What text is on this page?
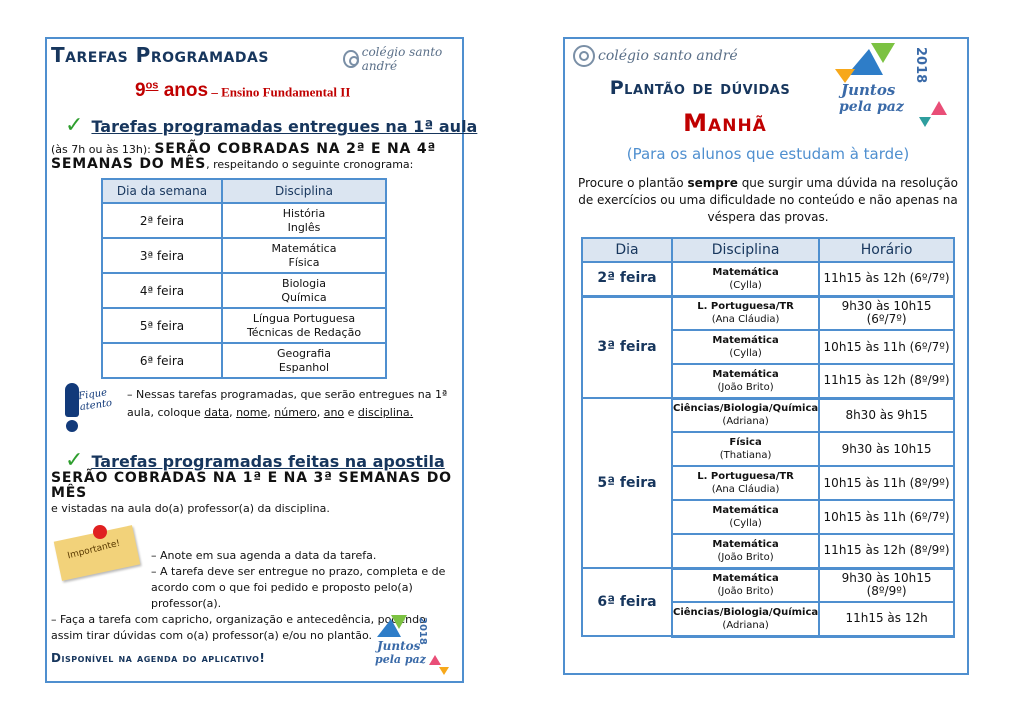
Tarefas Programadas	colégio santo andré
$9^{os}$ anos – Ensino Fundamental II
✓ Tarefas programadas entregues na 1ª aula
(às 7h ou às 13h): SERÃO COBRADAS NA 2ª E NA 4ª SEMANAS DO MÊS, respeitando o seguinte cronograma:
Dia da semana	Disciplina
2ª feira	História
Inglês

3ª feira	Matemática
Física

4ª feira	Biologia
Química

5ª feira	Língua Portuguesa
Técnicas de Redação

6ª feira	Geografia
Espanhol
Fique
atento
– Nessas tarefas programadas, que serão entregues na 1ª aula, coloque data, nome, número, ano e disciplina.
✓ Tarefas programadas feitas na apostila
SERÃO COBRADAS NA 1ª E NA 3ª SEMANAS DO MÊS
e vistadas na aula do(a) professor(a) da disciplina.
Importante!	– Anote em sua agenda a data da tarefa.
– A tarefa deve ser entregue no prazo, completa e de acordo com o que foi pedido e proposto pelo(a) professor(a).
– Faça a tarefa com capricho, organização e antecedência, podendo assim tirar dúvidas com o(a) professor(a) e/ou no plantão.
Disponível na agenda do aplicativo!
2018
Juntos
pela paz
colégio santo andré	2018
Juntos
pela paz
Plantão de dúvidas
Manhã
(Para os alunos que estudam à tarde)
Procure o plantão sempre que surgir uma dúvida na resolução de exercícios ou uma dificuldade no conteúdo e não apenas na véspera das provas.
Dia	Disciplina	Horário
2ª feira	Matemática
(Cylla)	11h15 às 12h (6º/7º)
3ª feira	L. Portuguesa/TR
(Ana Cláudia)	9h30 às 10h15 (6º/7º)

	Matemática
(Cylla)	10h15 às 11h (6º/7º)

	Matemática
(João Brito)	11h15 às 12h (8º/9º)
5ª feira	Ciências/Biologia/Química
(Adriana)	8h30 às 9h15

	Física
(Thatiana)	9h30 às 10h15

	L. Portuguesa/TR
(Ana Cláudia)	10h15 às 11h (8º/9º)

	Matemática
(Cylla)	10h15 às 11h (6º/7º)

	Matemática
(João Brito)	11h15 às 12h (8º/9º)
6ª feira	Matemática
(João Brito)	9h30 às 10h15 (8º/9º)

	Ciências/Biologia/Química
(Adriana)	11h15 às 12h
